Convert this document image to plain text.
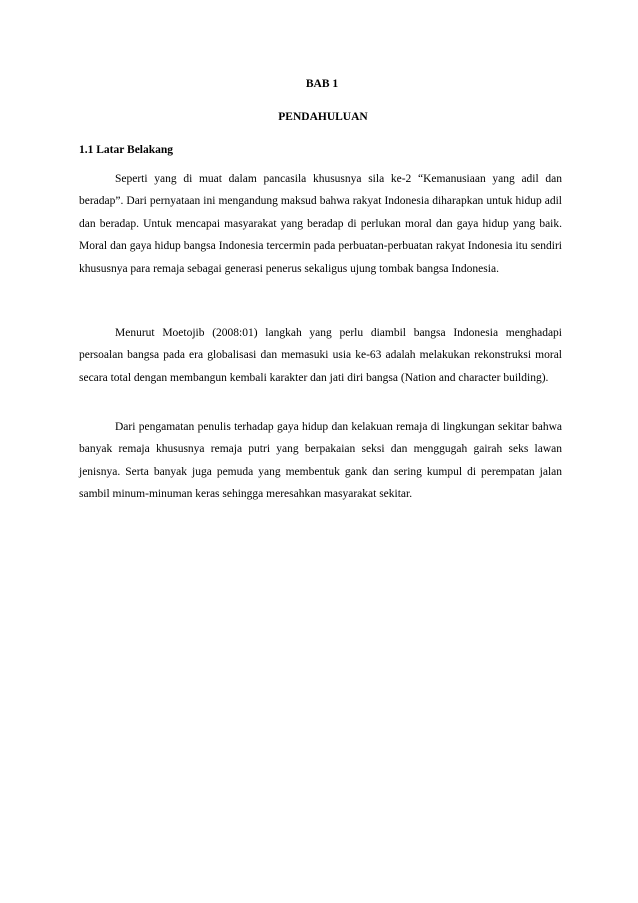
BAB 1
PENDAHULUAN
1.1 Latar Belakang

Seperti yang di muat dalam pancasila khususnya sila ke-2 “Kemanusiaan yang adil dan beradap”. Dari pernyataan ini mengandung maksud bahwa rakyat Indonesia diharapkan untuk hidup adil dan beradap. Untuk mencapai masyarakat yang beradap di perlukan moral dan gaya hidup yang baik. Moral dan gaya hidup bangsa Indonesia tercermin pada perbuatan-perbuatan rakyat Indonesia itu sendiri khususnya para remaja sebagai generasi penerus sekaligus ujung tombak bangsa Indonesia.

Menurut Moetojib (2008:01) langkah yang perlu diambil bangsa Indonesia menghadapi persoalan bangsa pada era globalisasi dan memasuki usia ke-63 adalah melakukan rekonstruksi moral secara total dengan membangun kembali karakter dan jati diri bangsa (Nation and character building).

Dari pengamatan penulis terhadap gaya hidup dan kelakuan remaja di lingkungan sekitar bahwa banyak remaja khususnya remaja putri yang berpakaian seksi dan menggugah gairah seks lawan jenisnya. Serta banyak juga pemuda yang membentuk gank dan sering kumpul di perempatan jalan sambil minum-minuman keras sehingga meresahkan masyarakat sekitar.
